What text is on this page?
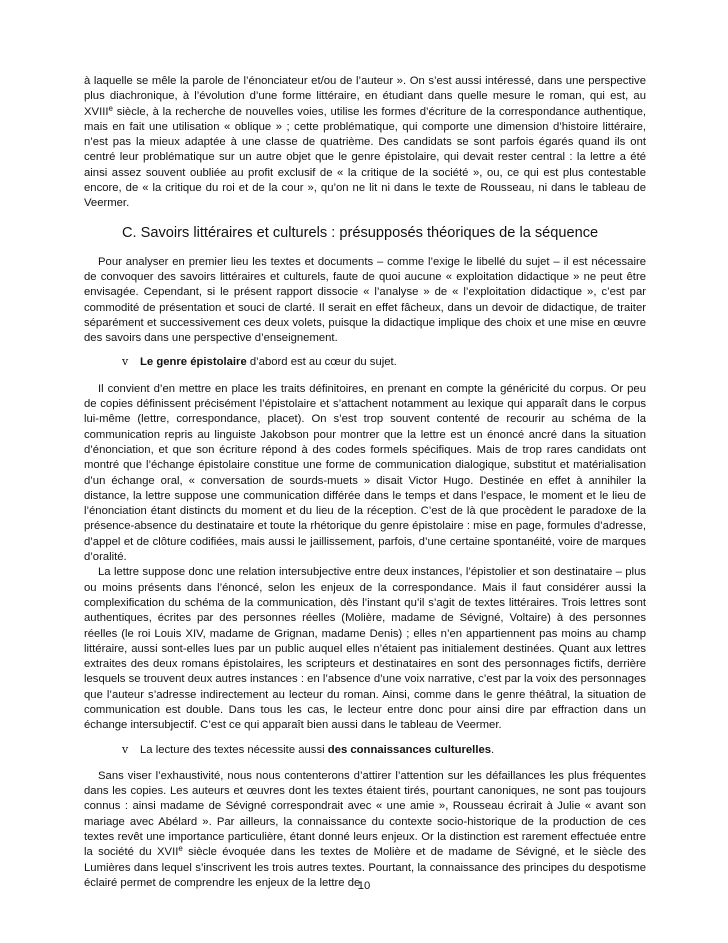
à laquelle se mêle la parole de l’énonciateur et/ou de l’auteur ». On s’est aussi intéressé, dans une perspective plus diachronique, à l’évolution d’une forme littéraire, en étudiant dans quelle mesure le roman, qui est, au XVIIIe siècle, à la recherche de nouvelles voies, utilise les formes d’écriture de la correspondance authentique, mais en fait une utilisation « oblique » ; cette problématique, qui comporte une dimension d’histoire littéraire, n’est pas la mieux adaptée à une classe de quatrième. Des candidats se sont parfois égarés quand ils ont centré leur problématique sur un autre objet que le genre épistolaire, qui devait rester central : la lettre a été ainsi assez souvent oubliée au profit exclusif de « la critique de la société », ou, ce qui est plus contestable encore, de « la critique du roi et de la cour », qu’on ne lit ni dans le texte de Rousseau, ni dans le tableau de Veermer.

C. Savoirs littéraires et culturels : présupposés théoriques de la séquence

Pour analyser en premier lieu les textes et documents – comme l’exige le libellé du sujet – il est nécessaire de convoquer des savoirs littéraires et culturels, faute de quoi aucune « exploitation didactique » ne peut être envisagée. Cependant, si le présent rapport dissocie « l’analyse » de « l’exploitation didactique », c’est par commodité de présentation et souci de clarté. Il serait en effet fâcheux, dans un devoir de didactique, de traiter séparément et successivement ces deux volets, puisque la didactique implique des choix et une mise en œuvre des savoirs dans une perspective d’enseignement.

v	Le genre épistolaire d’abord est au cœur du sujet.

Il convient d’en mettre en place les traits définitoires, en prenant en compte la généricité du corpus. Or peu de copies définissent précisément l’épistolaire et s’attachent notamment au lexique qui apparaît dans le corpus lui-même (lettre, correspondance, placet). On s’est trop souvent contenté de recourir au schéma de la communication repris au linguiste Jakobson pour montrer que la lettre est un énoncé ancré dans la situation d’énonciation, et que son écriture répond à des codes formels spécifiques. Mais de trop rares candidats ont montré que l’échange épistolaire constitue une forme de communication dialogique, substitut et matérialisation d’un échange oral, « conversation de sourds-muets » disait Victor Hugo. Destinée en effet à annihiler la distance, la lettre suppose une communication différée dans le temps et dans l’espace, le moment et le lieu de l’énonciation étant distincts du moment et du lieu de la réception. C’est de là que procèdent le paradoxe de la présence-absence du destinataire et toute la rhétorique du genre épistolaire : mise en page, formules d’adresse, d’appel et de clôture codifiées, mais aussi le jaillissement, parfois, d’une certaine spontanéité, voire de marques d’oralité.

La lettre suppose donc une relation intersubjective entre deux instances, l’épistolier et son destinataire – plus ou moins présents dans l’énoncé, selon les enjeux de la correspondance. Mais il faut considérer aussi la complexification du schéma de la communication, dès l’instant qu’il s’agit de textes littéraires. Trois lettres sont authentiques, écrites par des personnes réelles (Molière, madame de Sévigné, Voltaire) à des personnes réelles (le roi Louis XIV, madame de Grignan, madame Denis) ; elles n’en appartiennent pas moins au champ littéraire, aussi sont-elles lues par un public auquel elles n’étaient pas initialement destinées. Quant aux lettres extraites des deux romans épistolaires, les scripteurs et destinataires en sont des personnages fictifs, derrière lesquels se trouvent deux autres instances : en l’absence d’une voix narrative, c’est par la voix des personnages que l’auteur s’adresse indirectement au lecteur du roman. Ainsi, comme dans le genre théâtral, la situation de communication est double. Dans tous les cas, le lecteur entre donc pour ainsi dire par effraction dans un échange intersubjectif. C’est ce qui apparaît bien aussi dans le tableau de Veermer.

v	La lecture des textes nécessite aussi des connaissances culturelles.

Sans viser l’exhaustivité, nous nous contenterons d’attirer l’attention sur les défaillances les plus fréquentes dans les copies. Les auteurs et œuvres dont les textes étaient tirés, pourtant canoniques, ne sont pas toujours connus : ainsi madame de Sévigné correspondrait avec « une amie », Rousseau écrirait à Julie « avant son mariage avec Abélard ». Par ailleurs, la connaissance du contexte socio-historique de la production de ces textes revêt une importance particulière, étant donné leurs enjeux. Or la distinction est rarement effectuée entre la société du XVIIe siècle évoquée dans les textes de Molière et de madame de Sévigné, et le siècle des Lumières dans lequel s’inscrivent les trois autres textes. Pourtant, la connaissance des principes du despotisme éclairé permet de comprendre les enjeux de la lettre de

10
